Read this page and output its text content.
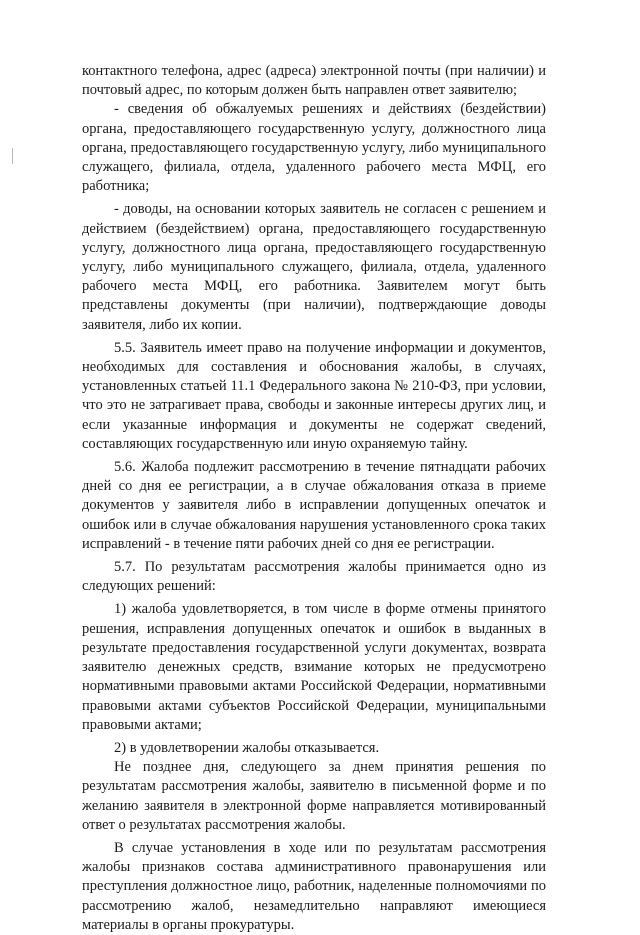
контактного телефона, адрес (адреса) электронной почты (при наличии) и почтовый адрес, по которым должен быть направлен ответ заявителю;

- сведения об обжалуемых решениях и действиях (бездействии) органа, предоставляющего государственную услугу, должностного лица органа, предоставляющего государственную услугу, либо муниципального служащего, филиала, отдела, удаленного рабочего места МФЦ, его работника;

- доводы, на основании которых заявитель не согласен с решением и действием (бездействием) органа, предоставляющего государственную услугу, должностного лица органа, предоставляющего государственную услугу, либо муниципального служащего, филиала, отдела, удаленного рабочего места МФЦ, его работника. Заявителем могут быть представлены документы (при наличии), подтверждающие доводы заявителя, либо их копии.

5.5. Заявитель имеет право на получение информации и документов, необходимых для составления и обоснования жалобы, в случаях, установленных статьей 11.1 Федерального закона № 210-ФЗ, при условии, что это не затрагивает права, свободы и законные интересы других лиц, и если указанные информация и документы не содержат сведений, составляющих государственную или иную охраняемую тайну.

5.6. Жалоба подлежит рассмотрению в течение пятнадцати рабочих дней со дня ее регистрации, а в случае обжалования отказа в приеме документов у заявителя либо в исправлении допущенных опечаток и ошибок или в случае обжалования нарушения установленного срока таких исправлений - в течение пяти рабочих дней со дня ее регистрации.

5.7. По результатам рассмотрения жалобы принимается одно из следующих решений:

1) жалоба удовлетворяется, в том числе в форме отмены принятого решения, исправления допущенных опечаток и ошибок в выданных в результате предоставления государственной услуги документах, возврата заявителю денежных средств, взимание которых не предусмотрено нормативными правовыми актами Российской Федерации, нормативными правовыми актами субъектов Российской Федерации, муниципальными правовыми актами;

2) в удовлетворении жалобы отказывается.

Не позднее дня, следующего за днем принятия решения по результатам рассмотрения жалобы, заявителю в письменной форме и по желанию заявителя в электронной форме направляется мотивированный ответ о результатах рассмотрения жалобы.

В случае установления в ходе или по результатам рассмотрения жалобы признаков состава административного правонарушения или преступления должностное лицо, работник, наделенные полномочиями по рассмотрению жалоб, незамедлительно направляют имеющиеся материалы в органы прокуратуры.
